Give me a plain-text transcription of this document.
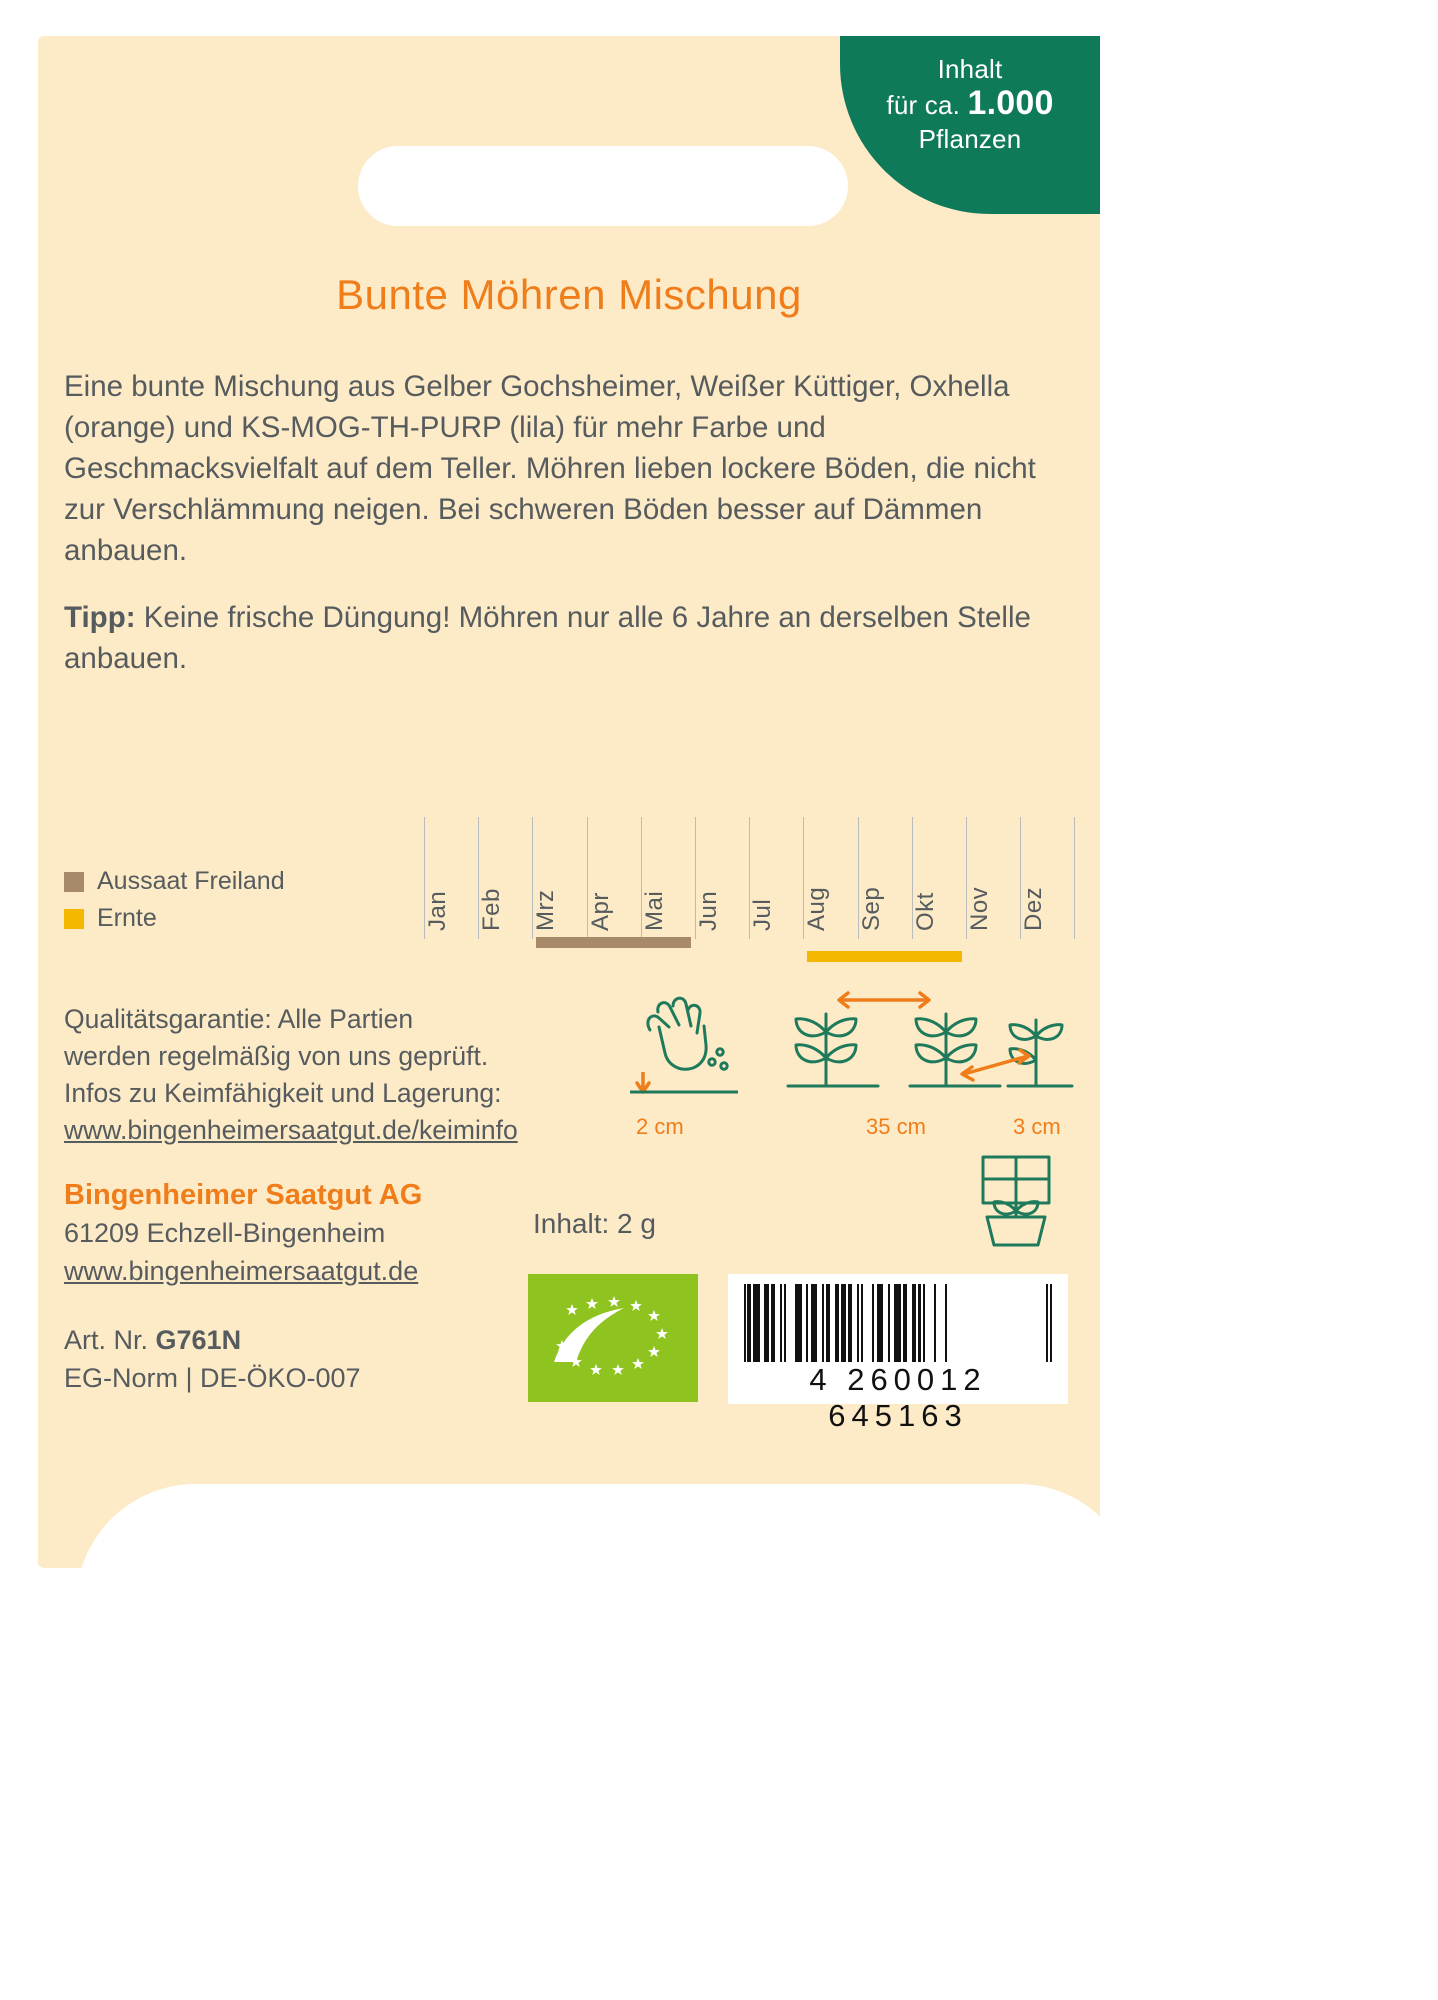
Inhalt
für ca. 1.000
Pflanzen
Bunte Möhren Mischung

Eine bunte Mischung aus Gelber Gochsheimer, Weißer Küttiger, Oxhella (orange) und KS-MOG-TH-PURP (lila) für mehr Farbe und Geschmacksvielfalt auf dem Teller. Möhren lieben lockere Böden, die nicht zur Verschlämmung neigen. Bei schweren Böden besser auf Dämmen anbauen.

Tipp: Keine frische Düngung! Möhren nur alle 6 Jahre an derselben Stelle anbauen.

Aussaat Freiland
Ernte	Jan	Feb	Mrz	Apr	Mai	Jun	Jul	Aug	Sep	Okt	Nov	Dez
Qualitätsgarantie: Alle Partien
werden regelmäßig von uns geprüft.
Infos zu Keimfähigkeit und Lagerung:
www.bingenheimersaatgut.de/keiminfo	2 cm	35 cm	3 cm
Bingenheimer Saatgut AG
61209 Echzell-Bingenheim
www.bingenheimersaatgut.de
Art. Nr. G761N
EG-Norm | DE-ÖKO-007
Inhalt: 2 g
4 260012 645163
